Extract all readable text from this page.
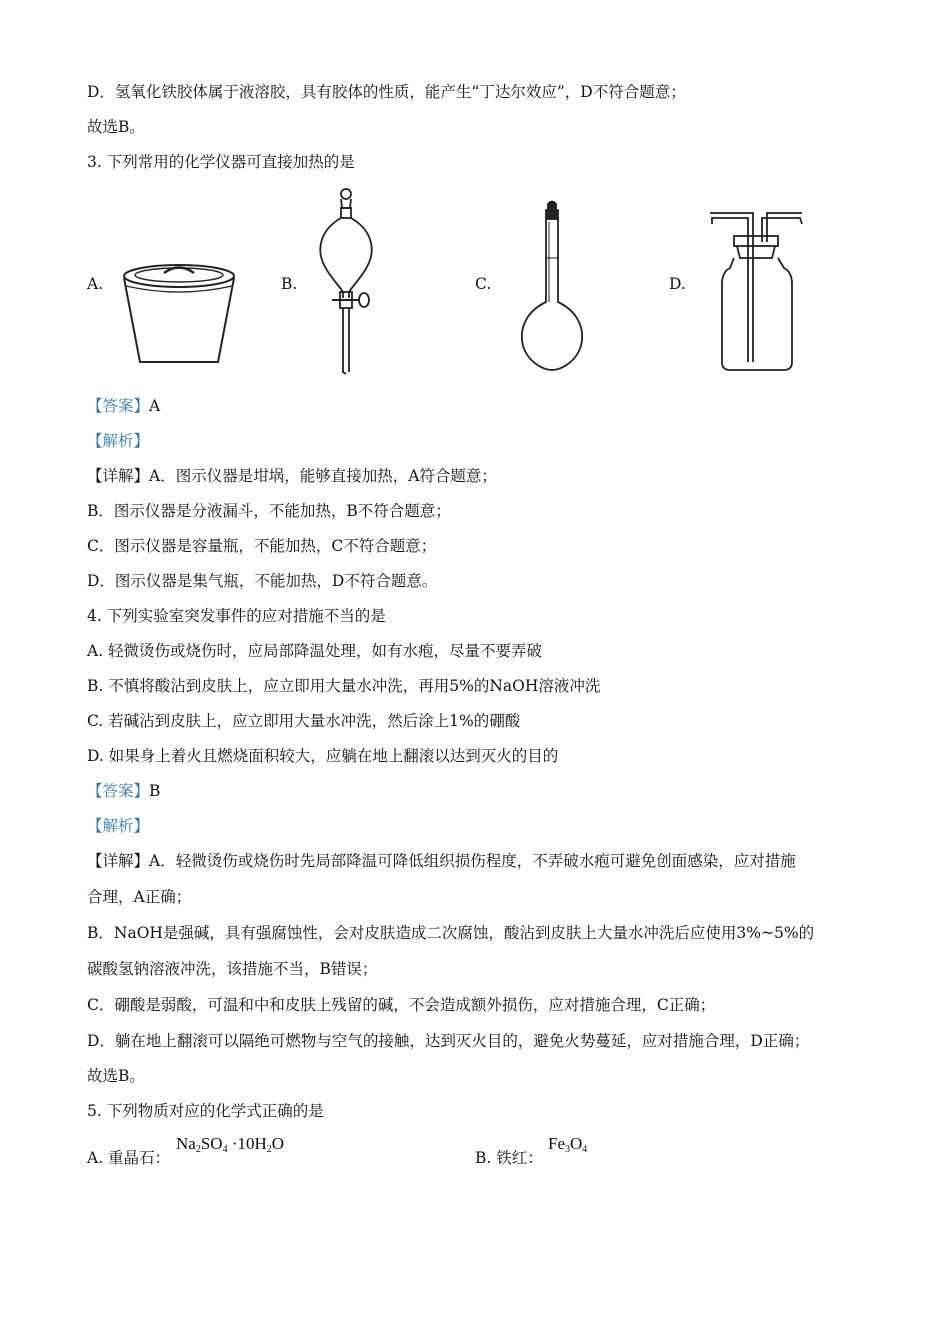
D．氢氧化铁胶体属于液溶胶，具有胶体的性质，能产生“丁达尔效应”，D不符合题意；
故选B。
3. 下列常用的化学仪器可直接加热的是
A.	B.	C.	D.
【答案】A
【解析】
【详解】A．图示仪器是坩埚，能够直接加热，A符合题意；
B．图示仪器是分液漏斗，不能加热，B不符合题意；
C．图示仪器是容量瓶，不能加热，C不符合题意；
D．图示仪器是集气瓶，不能加热，D不符合题意。
4. 下列实验室突发事件的应对措施不当的是
A. 轻微烫伤或烧伤时，应局部降温处理，如有水疱，尽量不要弄破
B. 不慎将酸沾到皮肤上，应立即用大量水冲洗，再用5%的NaOH溶液冲洗
C. 若碱沾到皮肤上，应立即用大量水冲洗，然后涂上1%的硼酸
D. 如果身上着火且燃烧面积较大，应躺在地上翻滚以达到灭火的目的
【答案】B
【解析】
【详解】A．轻微烫伤或烧伤时先局部降温可降低组织损伤程度，不弄破水疱可避免创面感染，应对措施
合理，A正确；
B．NaOH是强碱，具有强腐蚀性，会对皮肤造成二次腐蚀，酸沾到皮肤上大量水冲洗后应使用3%~5%的
碳酸氢钠溶液冲洗，该措施不当，B错误；
C．硼酸是弱酸，可温和中和皮肤上残留的碱，不会造成额外损伤，应对措施合理，C正确；
D．躺在地上翻滚可以隔绝可燃物与空气的接触，达到灭火目的，避免火势蔓延，应对措施合理，D正确；
故选B。
5. 下列物质对应的化学式正确的是
A. 重晶石：
$Na_2SO_4 \cdot 10H_2O$
B. 铁红：
$Fe_3O_4$
